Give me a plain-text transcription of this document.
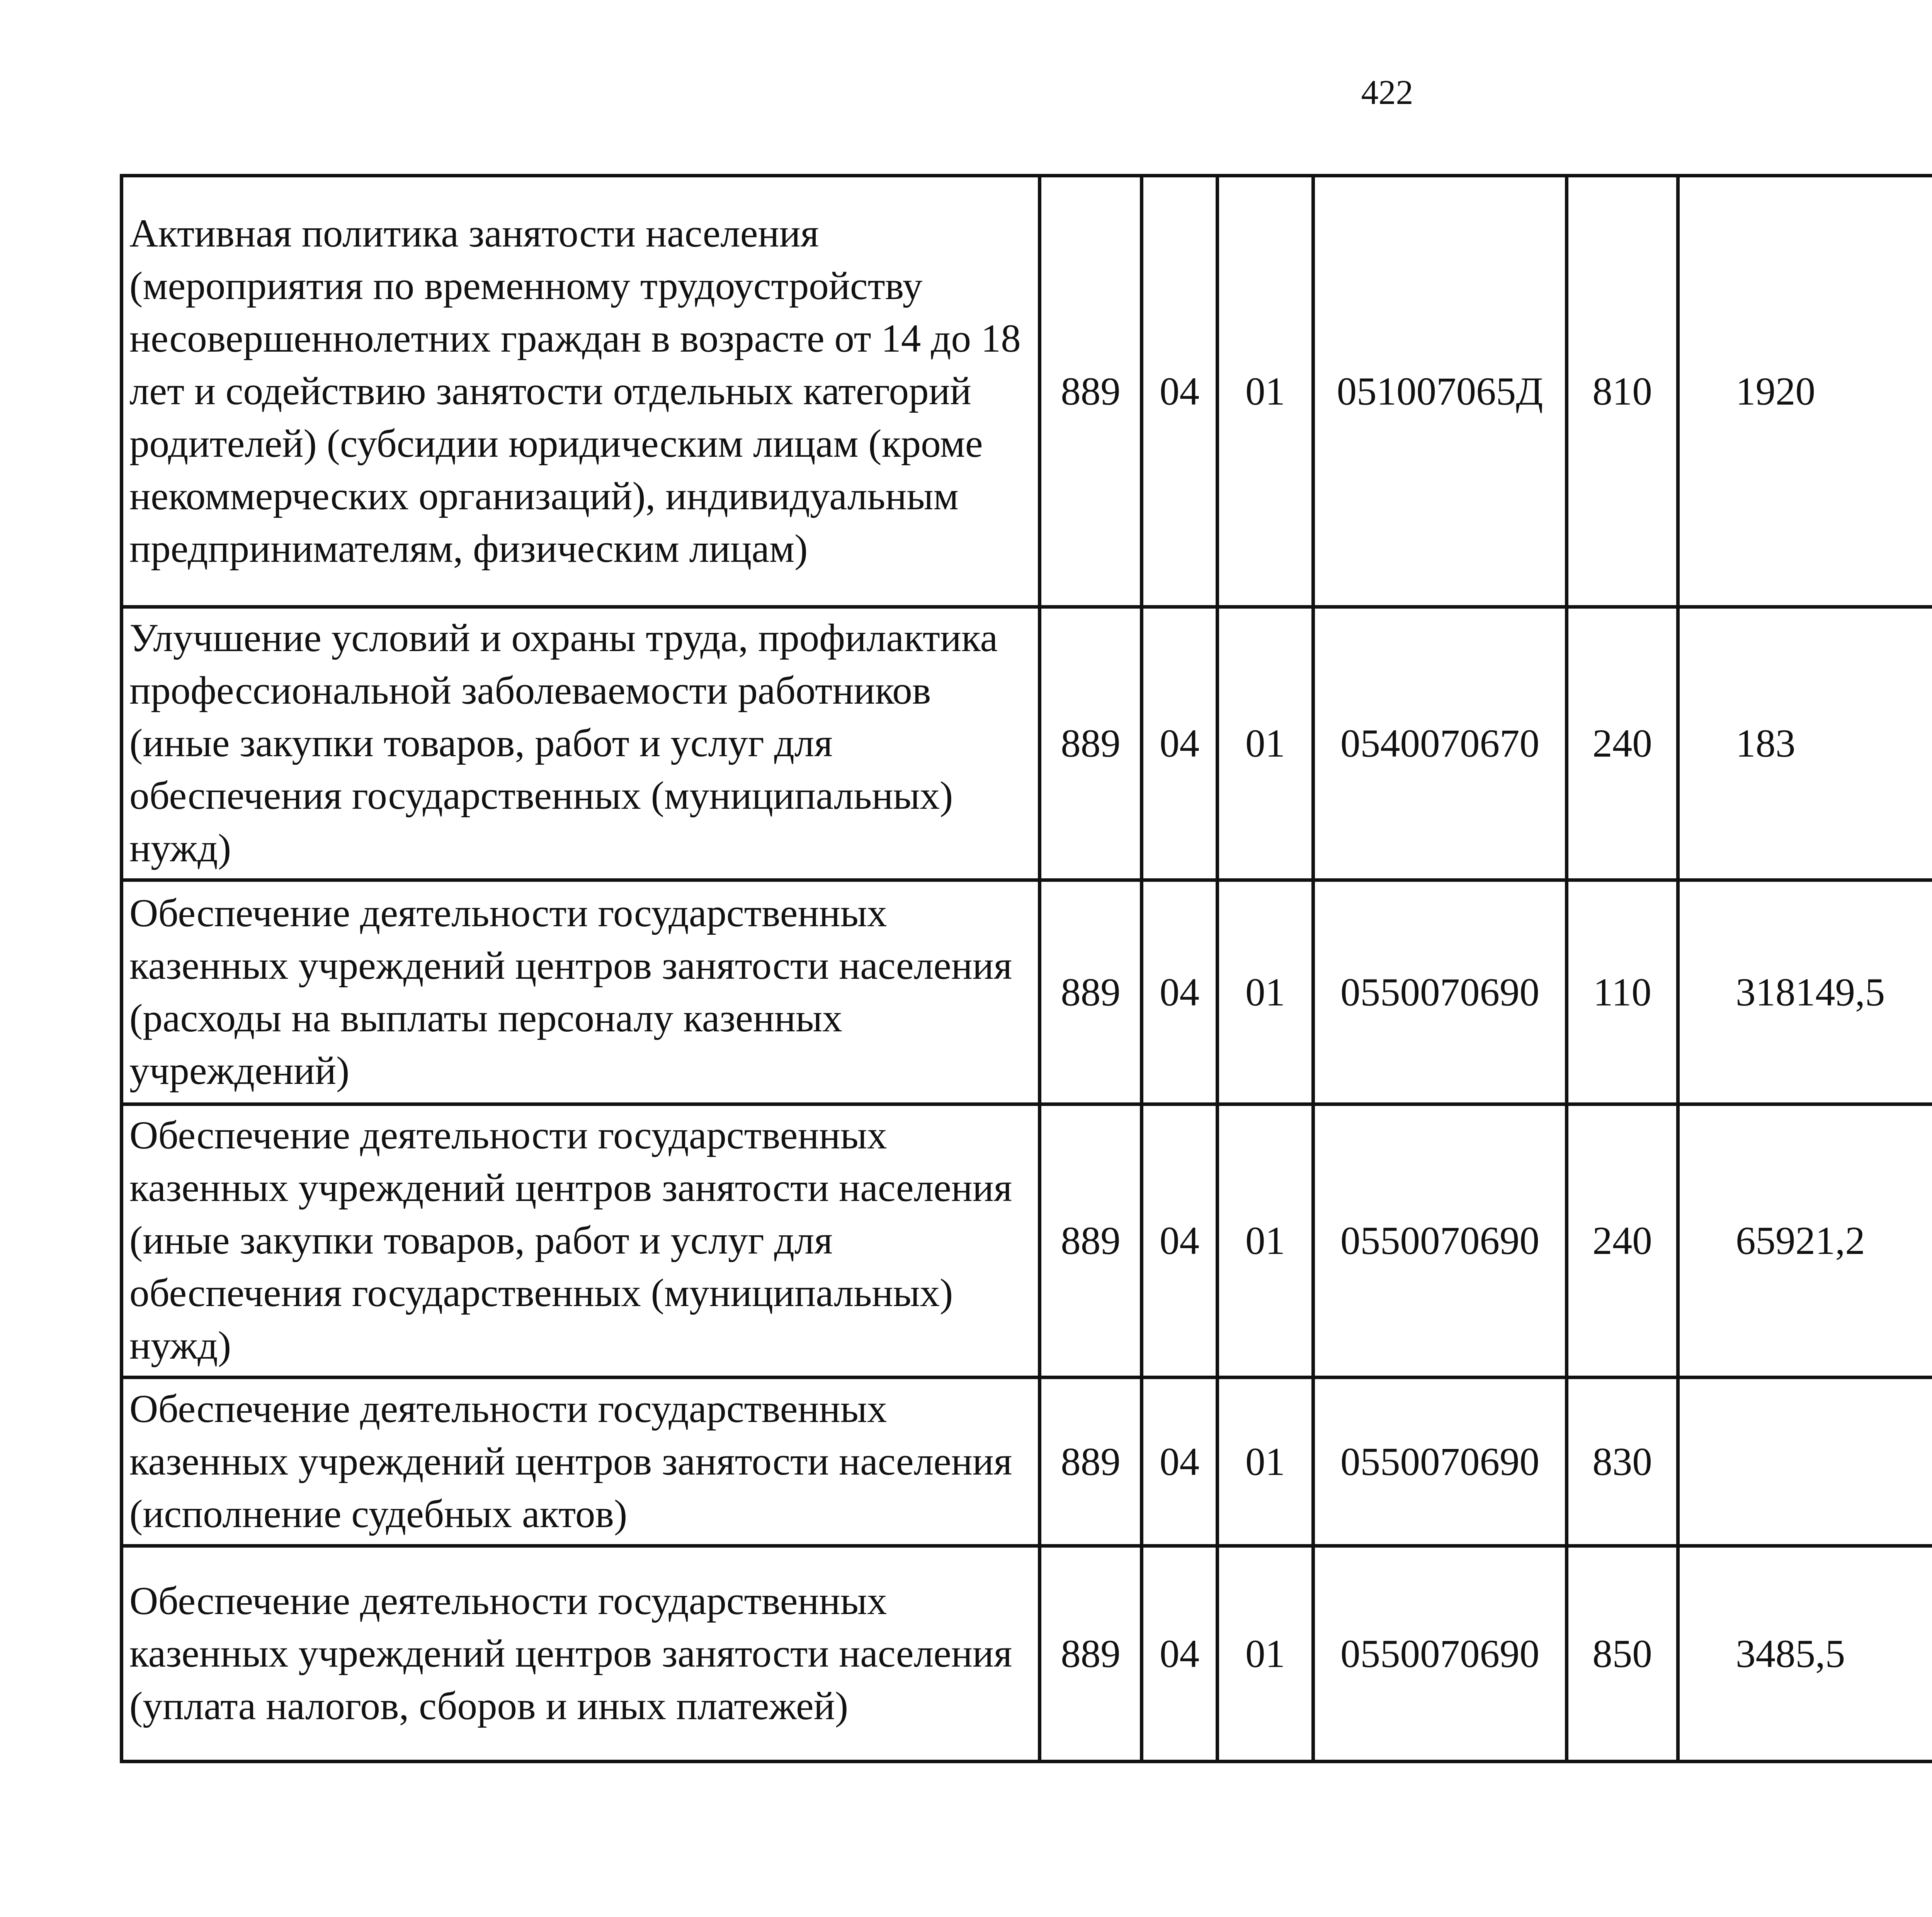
422
Активная политика занятости населения (мероприятия по временному трудоустройству несовершеннолетних граждан в возрасте от 14 до 18 лет и содействию занятости отдельных категорий родителей) (субсидии юридическим лицам (кроме некоммерческих организаций), индивидуальным предпринимателям, физическим лицам)	889	04	01	051007065Д	810	1920		
Улучшение условий и охраны труда, профилактика профессиональной заболеваемости работников (иные закупки товаров, работ и услуг для обеспечения государственных (муниципальных) нужд)	889	04	01	0540070670	240	183		
Обеспечение деятельности государственных казенных учреждений центров занятости населения (расходы на выплаты персоналу казенных учреждений)	889	04	01	0550070690	110	318149,5		
Обеспечение деятельности государственных казенных учреждений центров занятости населения (иные закупки товаров, работ и услуг для обеспечения государственных (муниципальных) нужд)	889	04	01	0550070690	240	65921,2		
Обеспечение деятельности государственных казенных учреждений центров занятости населения (исполнение судебных актов)	889	04	01	0550070690	830			
Обеспечение деятельности государственных казенных учреждений центров занятости населения (уплата налогов, сборов и иных платежей)	889	04	01	0550070690	850	3485,5		
